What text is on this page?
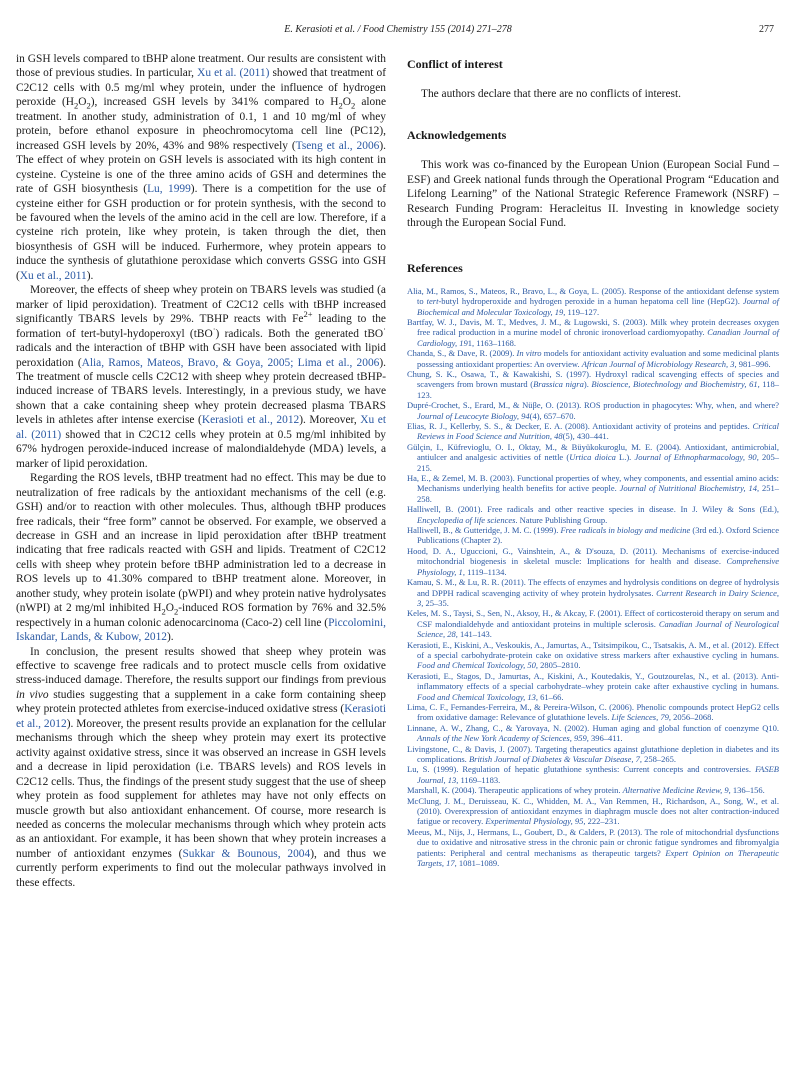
E. Kerasioti et al. / Food Chemistry 155 (2014) 271–278	277

in GSH levels compared to tBHP alone treatment. Our results are consistent with those of previous studies. In particular, Xu et al. (2011) showed that treatment of C2C12 cells with 0.5 mg/ml whey protein, under the influence of hydrogen peroxide $(H_2O_2)$, increased GSH levels by 341% compared to $H_2O_2$ alone treatment. In another study, administration of 0.1, 1 and 10 mg/ml of whey protein, before ethanol exposure in pheochromocytoma cell line (PC12), increased GSH levels by 20%, 43% and 98% respectively (Tseng et al., 2006). The effect of whey protein on GSH levels is associated with its high content in cysteine. Cysteine is one of the three amino acids of GSH and determines the rate of GSH biosynthesis (Lu, 1999). There is a competition for the use of cysteine either for GSH production or for protein synthesis, with the second to be favoured when the levels of the amino acid in the cell are low. Therefore, if a cysteine rich protein, like whey protein, is taken through the diet, then biosynthesis of GSH will be induced. Furhermore, whey protein appears to induce the synthesis of glutathione peroxidase which converts GSSG into GSH (Xu et al., 2011).

Moreover, the effects of sheep whey protein on TBARS levels was studied (a marker of lipid peroxidation). Treatment of C2C12 cells with tBHP increased significantly TBARS levels by 29%. TBHP reacts with $Fe^{2+}$ leading to the formation of tert-butyl-hydoperoxyl (tBO·) radicals. Both the generated tBO· radicals and the interaction of tBHP with GSH have been associated with lipid peroxidation (Alia, Ramos, Mateos, Bravo, & Goya, 2005; Lima et al., 2006). The treatment of muscle cells C2C12 with sheep whey protein decreased tBHP-induced increase of TBARS levels. Interestingly, in a previous study, we have shown that a cake containing sheep whey protein decreased plasma TBARS levels in athletes after intense exercise (Kerasioti et al., 2012). Moreover, Xu et al. (2011) showed that in C2C12 cells whey protein at 0.5 mg/ml inhibited by 67% hydrogen peroxide-induced increase of malondialdehyde (MDA) levels, a marker of lipid peroxidation.

Regarding the ROS levels, tBHP treatment had no effect. This may be due to neutralization of free radicals by the antioxidant mechanisms of the cell (e.g. GSH) and/or to reaction with other molecules. Thus, although tBHP produces free radicals, their “free form” cannot be observed. For example, we observed a decrease in GSH and an increase in lipid peroxidation after tBHP treatment indicating that free radicals reacted with GSH and lipids. Treatment of C2C12 cells with sheep whey protein before tBHP administration led to a decrease in ROS levels up to 41.30% compared to tBHP treatment alone. Moreover, in another study, whey protein isolate (pWPI) and whey protein native hydrolysates (nWPI) at 2 mg/ml inhibited $H_2O_2$-induced ROS formation by 76% and 32.5% respectively in a human colonic adenocarcinoma (Caco-2) cell line (Piccolomini, Iskandar, Lands, & Kubow, 2012).

In conclusion, the present results showed that sheep whey protein was effective to scavenge free radicals and to protect muscle cells from oxidative stress-induced damage. Therefore, the results support our findings from previous in vivo studies suggesting that a supplement in a cake form containing sheep whey protein protected athletes from exercise-induced oxidative stress (Kerasioti et al., 2012). Moreover, the present results provide an explanation for the cellular mechanisms through which the sheep whey protein may exert its protective activity against oxidative stress, since it was observed an increase in GSH levels and a decrease in lipid peroxidation (i.e. TBARS levels) and ROS levels in C2C12 cells. Thus, the findings of the present study suggest that the use of sheep whey protein as food supplement for athletes may have not only effects on muscle growth but also antioxidant enhancement. Of course, more research is needed as concerns the molecular mechanisms through which whey protein acts as an antioxidant. For example, it has been shown that whey protein increases a number of antioxidant enzymes (Sukkar & Bounous, 2004), and thus we currently perform experiments to find out the molecular pathways involved in these effects.

Conflict of interest

The authors declare that there are no conflicts of interest.

Acknowledgements

This work was co-financed by the European Union (European Social Fund – ESF) and Greek national funds through the Operational Program “Education and Lifelong Learning” of the National Strategic Reference Framework (NSRF) – Research Funding Program: Heracleitus II. Investing in knowledge society through the European Social Fund.

References

Alia, M., Ramos, S., Mateos, R., Bravo, L., & Goya, L. (2005). Response of the antioxidant defense system to tert-butyl hydroperoxide and hydrogen peroxide in a human hepatoma cell line (HepG2). Journal of Biochemical and Molecular Toxicology, 19, 119–127.

Bartfay, W. J., Davis, M. T., Medves, J. M., & Lugowski, S. (2003). Milk whey protein decreases oxygen free radical production in a murine model of chronic ironoverload cardiomyopathy. Canadian Journal of Cardiology, 191, 1163–1168.

Chanda, S., & Dave, R. (2009). In vitro models for antioxidant activity evaluation and some medicinal plants possessing antioxidant properties: An overview. African Journal of Microbiology Research, 3, 981–996.

Chung, S. K., Osawa, T., & Kawakishi, S. (1997). Hydroxyl radical scavenging effects of species and scavengers from brown mustard (Brassica nigra). Bioscience, Biotechnology and Biochemistry, 61, 118–123.

Dupré-Crochet, S., Erard, M., & Nüβe, O. (2013). ROS production in phagocytes: Why, when, and where? Journal of Leucocyte Biology, 94(4), 657–670.

Elias, R. J., Kellerby, S. S., & Decker, E. A. (2008). Antioxidant activity of proteins and peptides. Critical Reviews in Food Science and Nutrition, 48(5), 430–441.

Gülçin, I., Küfrevioglu, O. I., Oktay, M., & Büyükokuroglu, M. E. (2004). Antioxidant, antimicrobial, antiulcer and analgesic activities of nettle (Urtica dioica L.). Journal of Ethnopharmacology, 90, 205–215.

Ha, E., & Zemel, M. B. (2003). Functional properties of whey, whey components, and essential amino acids: Mechanisms underlying health benefits for active people. Journal of Nutritional Biochemistry, 14, 251–258.

Halliwell, B. (2001). Free radicals and other reactive species in disease. In J. Wiley & Sons (Ed.), Encyclopedia of life sciences. Nature Publishing Group.

Halliwell, B., & Gutteridge, J. M. C. (1999). Free radicals in biology and medicine (3rd ed.). Oxford Science Publications (Chapter 2).

Hood, D. A., Uguccioni, G., Vainshtein, A., & D'souza, D. (2011). Mechanisms of exercise-induced mitochondrial biogenesis in skeletal muscle: Implications for health and disease. Comprehensive Physiology, 1, 1119–1134.

Kamau, S. M., & Lu, R. R. (2011). The effects of enzymes and hydrolysis conditions on degree of hydrolysis and DPPH radical scavenging activity of whey protein hydrolysates. Current Research in Dairy Science, 3, 25–35.

Keles, M. S., Taysi, S., Sen, N., Aksoy, H., & Akcay, F. (2001). Effect of corticosteroid therapy on serum and CSF malondialdehyde and antioxidant proteins in multiple sclerosis. Canadian Journal of Neurological Science, 28, 141–143.

Kerasioti, E., Kiskini, A., Veskoukis, A., Jamurtas, A., Tsitsimpikou, C., Tsatsakis, A. M., et al. (2012). Effect of a special carbohydrate-protein cake on oxidative stress markers after exhaustive cycling in humans. Food and Chemical Toxicology, 50, 2805–2810.

Kerasioti, E., Stagos, D., Jamurtas, A., Kiskini, A., Koutedakis, Y., Goutzourelas, N., et al. (2013). Anti-inflammatory effects of a special carbohydrate–whey protein cake after exhaustive cycling in humans. Food and Chemical Toxicology, 13, 61–66.

Lima, C. F., Fernandes-Ferreira, M., & Pereira-Wilson, C. (2006). Phenolic compounds protect HepG2 cells from oxidative damage: Relevance of glutathione levels. Life Sciences, 79, 2056–2068.

Linnane, A. W., Zhang, C., & Yarovaya, N. (2002). Human aging and global function of coenzyme Q10. Annals of the New York Academy of Sciences, 959, 396–411.

Livingstone, C., & Davis, J. (2007). Targeting therapeutics against glutathione depletion in diabetes and its complications. British Journal of Diabetes & Vascular Disease, 7, 258–265.

Lu, S. (1999). Regulation of hepatic glutathione synthesis: Current concepts and controversies. FASEB Journal, 13, 1169–1183.

Marshall, K. (2004). Therapeutic applications of whey protein. Alternative Medicine Review, 9, 136–156.

McClung, J. M., Deruisseau, K. C., Whidden, M. A., Van Remmen, H., Richardson, A., Song, W., et al. (2010). Overexpression of antioxidant enzymes in diaphragm muscle does not alter contraction-induced fatigue or recovery. Experimental Physiology, 95, 222–231.

Meeus, M., Nijs, J., Hermans, L., Goubert, D., & Calders, P. (2013). The role of mitochondrial dysfunctions due to oxidative and nitrosative stress in the chronic pain or chronic fatigue syndromes and fibromyalgia patients: Peripheral and central mechanisms as therapeutic targets? Expert Opinion on Therapeutic Targets, 17, 1081–1089.
